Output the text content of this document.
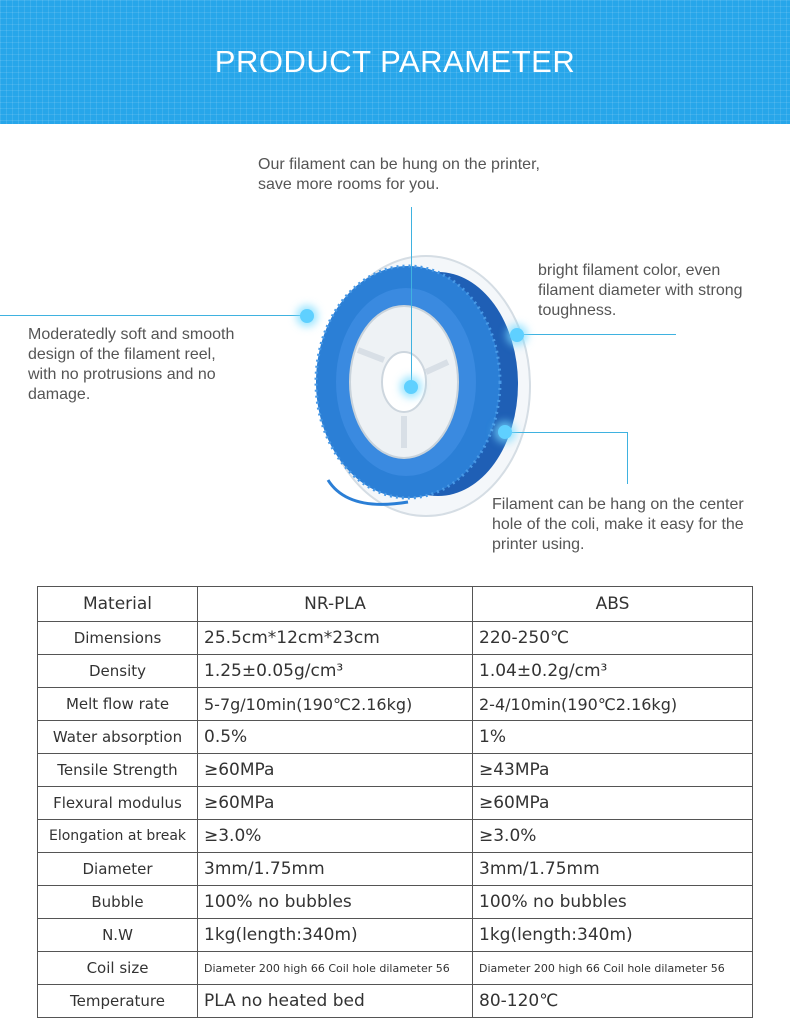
PRODUCT PARAMETER
Our filament can be hung on the printer,
save more rooms for you.
Moderatedly soft and smooth
design of the filament reel,
with no protrusions and no
damage.
bright filament color, even
filament diameter with strong
toughness.
Filament can be hang on the center
hole of the coli, make it easy for the
printer using.
Material	NR-PLA	ABS
Dimensions	25.5cm*12cm*23cm	220-250℃
Density	1.25±0.05g/cm³	1.04±0.2g/cm³
Melt flow rate	5-7g/10min(190℃2.16kg)	2-4/10min(190℃2.16kg)
Water absorption	0.5%	1%
Tensile Strength	≥60MPa	≥43MPa
Flexural modulus	≥60MPa	≥60MPa
Elongation at break	≥3.0%	≥3.0%
Diameter	3mm/1.75mm	3mm/1.75mm
Bubble	100% no bubbles	100% no bubbles
N.W	1kg(length:340m)	1kg(length:340m)
Coil size	Diameter 200 high 66 Coil hole dilameter 56	Diameter 200 high 66 Coil hole dilameter 56
Temperature	PLA no heated bed	80-120℃
